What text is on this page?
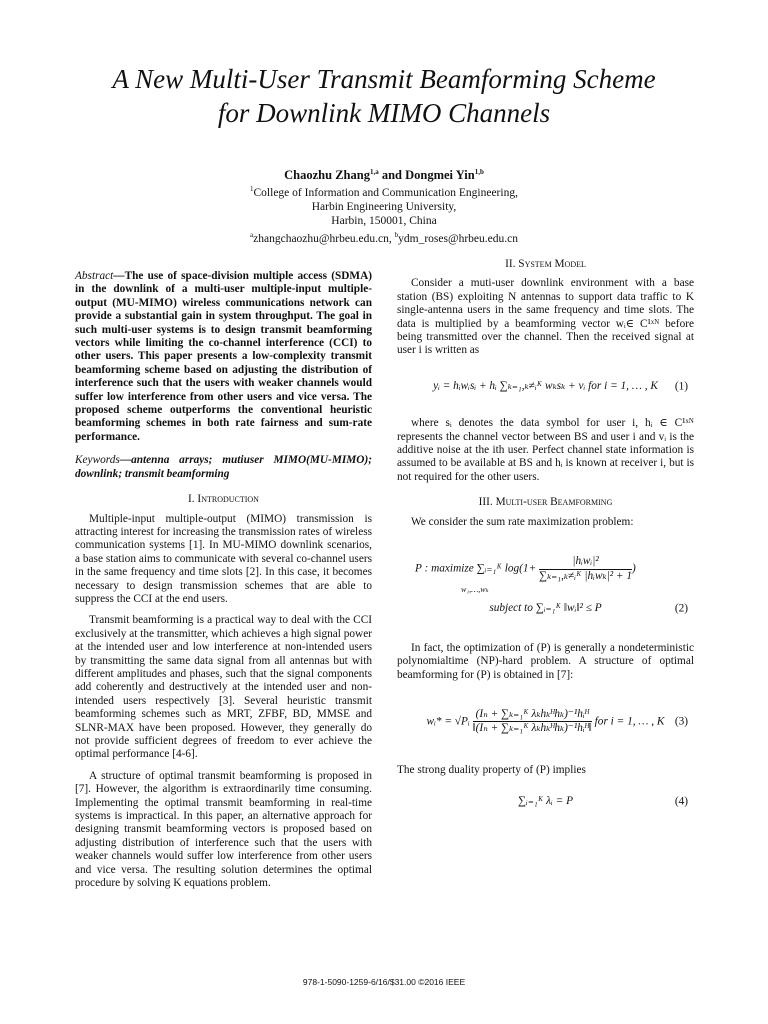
A New Multi-User Transmit Beamforming Scheme
for Downlink MIMO Channels
Chaozhu Zhang$^{1,a}$ and Dongmei Yin$^{1,b}$
$^1$College of Information and Communication Engineering,
Harbin Engineering University,
Harbin, 150001, China
$^a$zhangchaozhu@hrbeu.edu.cn, $^b$ydm_roses@hrbeu.edu.cn
Abstract—The use of space-division multiple access (SDMA) in the downlink of a multi-user multiple-input multiple-output (MU-MIMO) wireless communications network can provide a substantial gain in system throughput. The goal in such multi-user systems is to design transmit beamforming vectors while limiting the co-channel interference (CCI) to other users. This paper presents a low-complexity transmit beamforming scheme based on adjusting the distribution of interference such that the users with weaker channels would suffer low interference from other users and vice versa. The proposed scheme outperforms the conventional heuristic beamforming schemes in both rate fairness and sum-rate performance.
Keywords—antenna arrays; mutiuser MIMO(MU-MIMO); downlink; transmit beamforming
I. Introduction

Multiple-input multiple-output (MIMO) transmission is attracting interest for increasing the transmission rates of wireless communication systems [1]. In MU-MIMO downlink scenarios, a base station aims to communicate with several co-channel users in the same frequency and time slots [2]. In this case, it becomes necessary to design transmission schemes that are able to suppress the CCI at the end users.

Transmit beamforming is a practical way to deal with the CCI exclusively at the transmitter, which achieves a high signal power at the intended user and low interference at non-intended users by transmitting the same data signal from all antennas but with different amplitudes and phases, such that the signal components add coherently and destructively at the intended user and non-intended users respectively [3]. Several heuristic transmit beamforming schemes such as MRT, ZFBF, BD, MMSE and SLNR-MAX have been proposed. However, they generally do not provide sufficient degrees of freedom to ever achieve the optimal performance [4-6].

A structure of optimal transmit beamforming is proposed in [7]. However, the algorithm is extraordinarily time consuming. Implementing the optimal transmit beamforming in real-time systems is impractical. In this paper, an alternative approach for designing transmit beamforming vectors is proposed based on adjusting distribution of interference such that the users with weaker channels would suffer low interference from other users and vice versa. The resulting solution determines the optimal procedure by solving K equations problem.

II. System Model

Consider a muti-user downlink environment with a base station (BS) exploiting N antennas to support data traffic to K single-antenna users in the same frequency and time slots. The data is multiplied by a beamforming vector wᵢ∈ C¹ˣᴺ before being transmitted over the channel. Then the received signal at user i is written as

yᵢ = hᵢwᵢsᵢ + hᵢ ∑ₖ₌₁,ₖ≠ᵢᴷ wₖsₖ + vᵢ for i = 1, … , K (1)

where sᵢ denotes the data symbol for user i, hᵢ ∈ C¹ˣᴺ represents the channel vector between BS and user i and vᵢ is the additive noise at the ith user. Perfect channel state information is assumed to be available at BS and hᵢ is known at receiver i, but is not required for the other users.

III. Multi-user Beamforming

We consider the sum rate maximization problem:

P : maximize ∑ᵢ₌₁ᴷ $\log(1+ \frac{\text{|hᵢwᵢ|²}}{\text{∑ₖ₌₁,ₖ≠ᵢᴷ |hᵢwₖ|² + 1}}$ )
w₁,…,wₖ
subject to ∑ᵢ₌₁ᴷ ‖wᵢ‖² ≤ P	(2)

In fact, the optimization of (P) is generally a nondeterministic polynomialtime (NP)-hard problem. A structure of optimal beamforming for (P) is obtained in [7]:

wᵢ* = √Pᵢ $\frac{\text{(Iₙ + ∑ₖ₌₁ᴷ λₖhₖᴴhₖ)⁻¹hᵢᴴ}}{\text{‖(Iₙ + ∑ₖ₌₁ᴷ λₖhₖᴴhₖ)⁻¹hᵢᴴ‖}}$ for i = 1, … , K (3)

The strong duality property of (P) implies

∑ᵢ₌₁ᴷ λᵢ = P	(4)
978-1-5090-1259-6/16/$31.00 ©2016 IEEE
